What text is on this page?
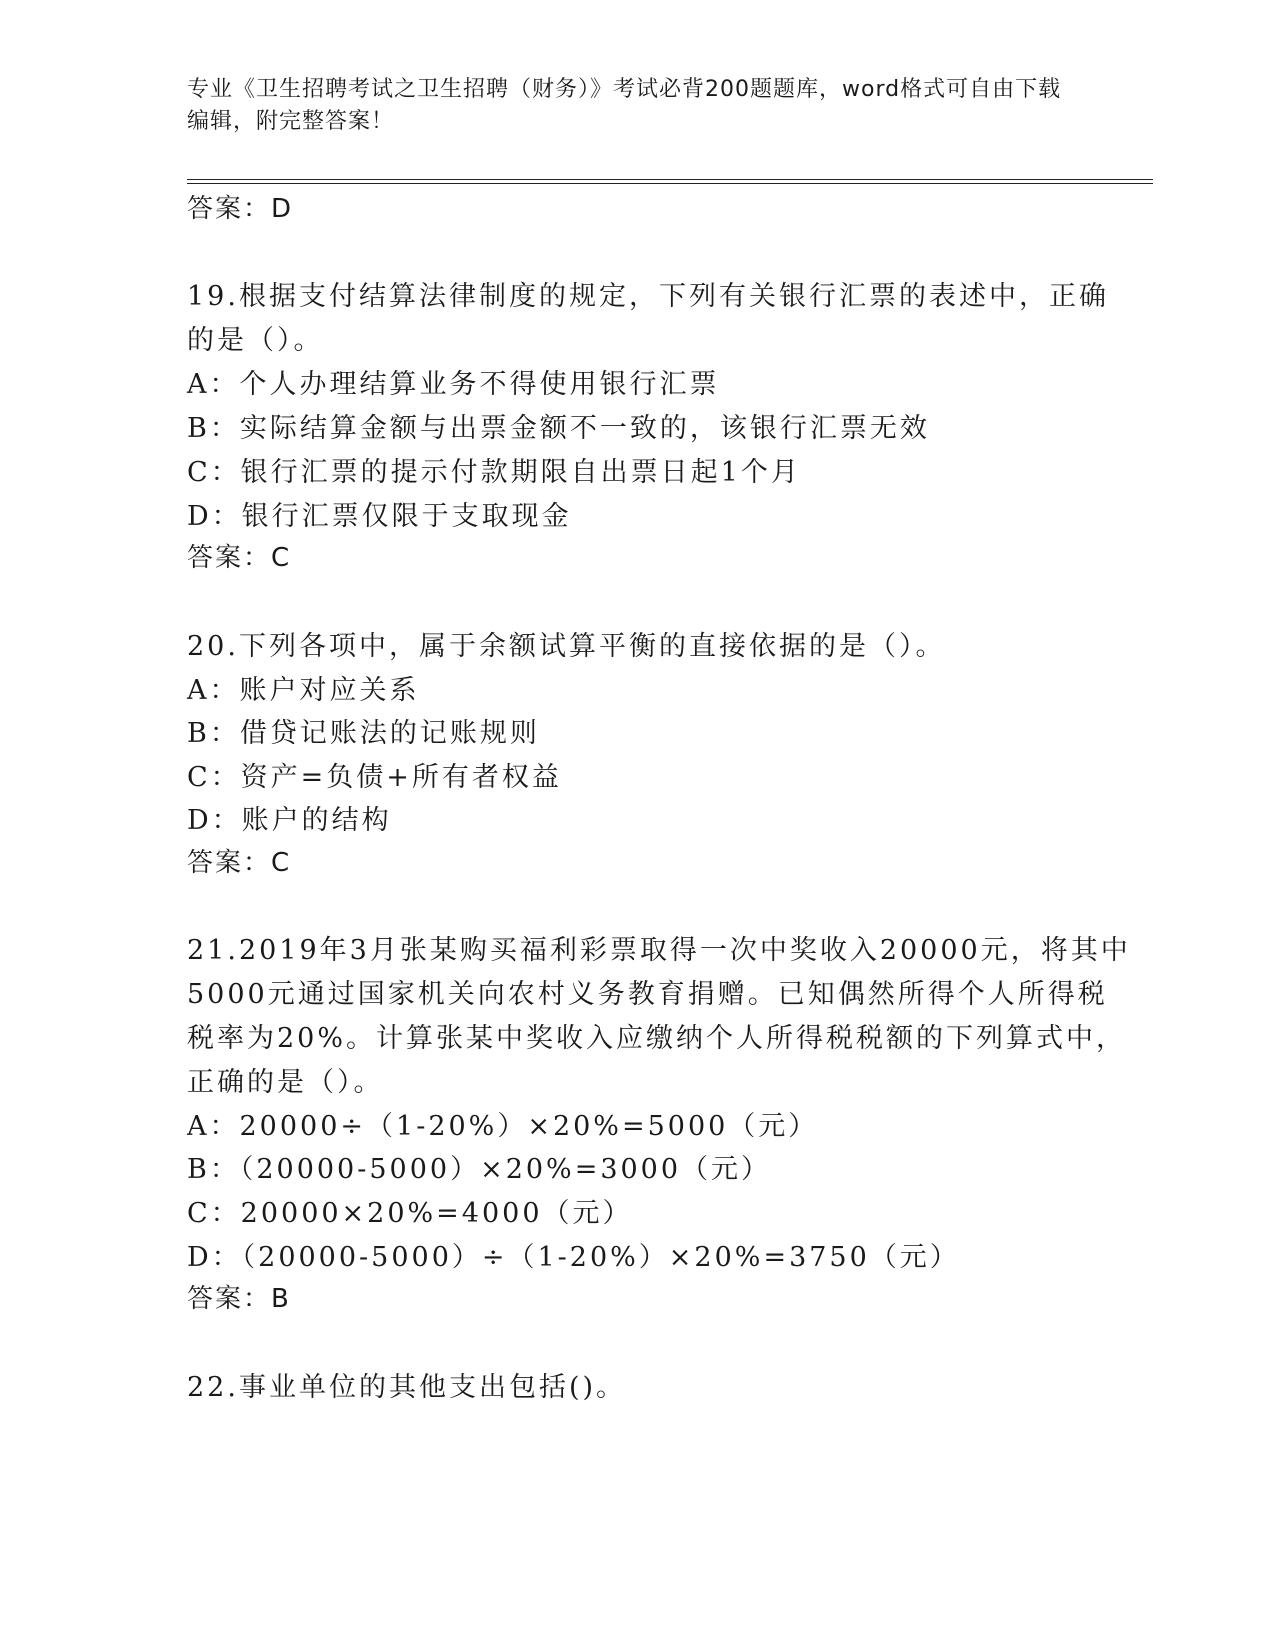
专业《卫生招聘考试之卫生招聘（财务）》考试必背200题题库，word格式可自由下载编辑，附完整答案！
答案：D
19.根据支付结算法律制度的规定，下列有关银行汇票的表述中，正确
的是（）。
A：个人办理结算业务不得使用银行汇票
B：实际结算金额与出票金额不一致的，该银行汇票无效
C：银行汇票的提示付款期限自出票日起1个月
D：银行汇票仅限于支取现金
答案：C
20.下列各项中，属于余额试算平衡的直接依据的是（）。
A：账户对应关系
B：借贷记账法的记账规则
C：资产=负债+所有者权益
D：账户的结构
答案：C
21.2019年3月张某购买福利彩票取得一次中奖收入20000元，将其中
5000元通过国家机关向农村义务教育捐赠。已知偶然所得个人所得税
税率为20%。计算张某中奖收入应缴纳个人所得税税额的下列算式中，
正确的是（）。
A：20000÷（1-20%）×20%=5000（元）
B：（20000-5000）×20%=3000（元）
C：20000×20%=4000（元）
D：（20000-5000）÷（1-20%）×20%=3750（元）
答案：B
22.事业单位的其他支出包括()。
